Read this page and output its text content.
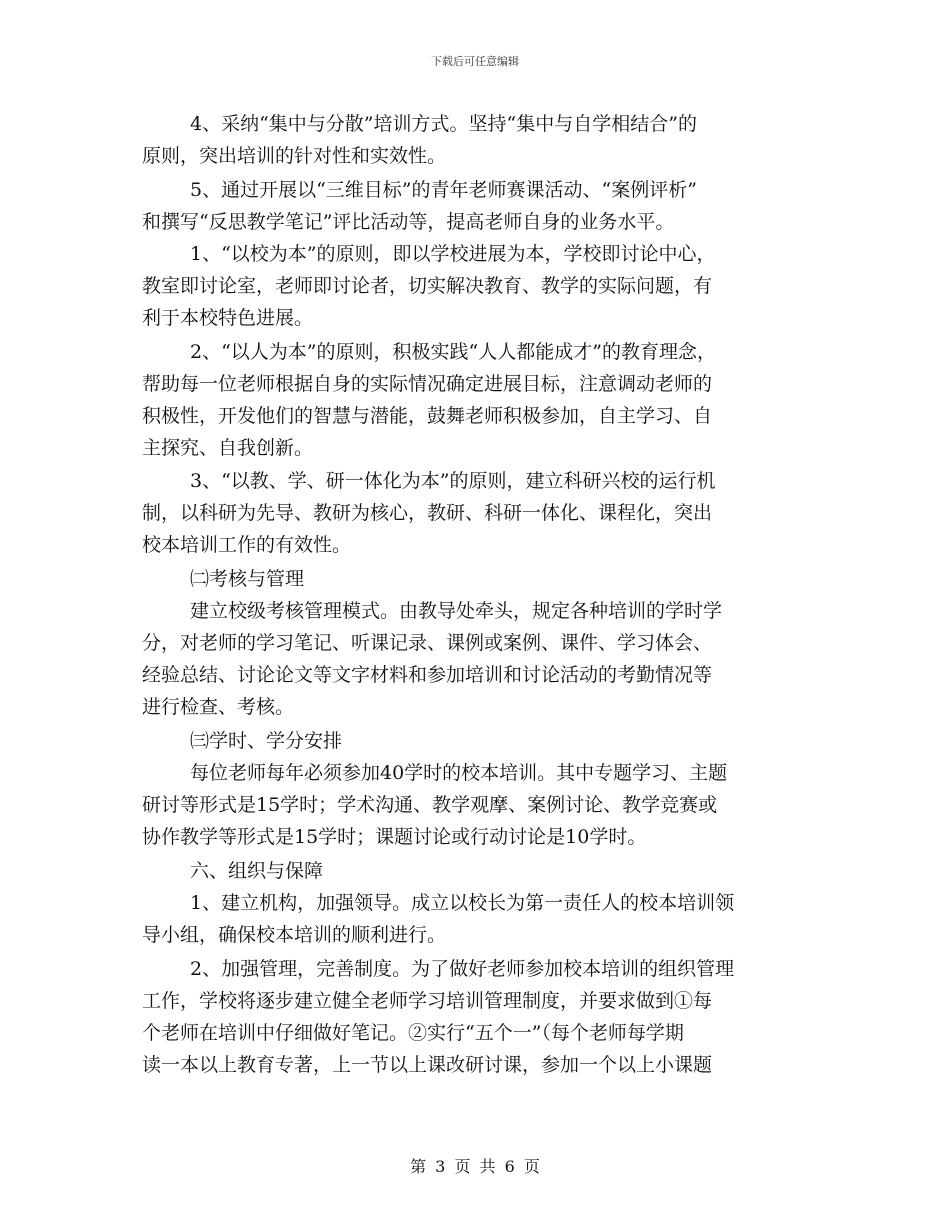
下载后可任意编辑
4、采纳“集中与分散”培训方式。坚持“集中与自学相结合”的
原则，突出培训的针对性和实效性。
5、通过开展以“三维目标”的青年老师赛课活动、“案例评析”
和撰写“反思教学笔记”评比活动等，提高老师自身的业务水平。
1、“以校为本”的原则，即以学校进展为本，学校即讨论中心，
教室即讨论室，老师即讨论者，切实解决教育、教学的实际问题，有
利于本校特色进展。
2、“以人为本”的原则，积极实践“人人都能成才”的教育理念，
帮助每一位老师根据自身的实际情况确定进展目标，注意调动老师的
积极性，开发他们的智慧与潜能，鼓舞老师积极参加，自主学习、自
主探究、自我创新。
3、“以教、学、研一体化为本”的原则，建立科研兴校的运行机
制，以科研为先导、教研为核心，教研、科研一体化、课程化，突出
校本培训工作的有效性。
㈡考核与管理
建立校级考核管理模式。由教导处牵头，规定各种培训的学时学
分，对老师的学习笔记、听课记录、课例或案例、课件、学习体会、
经验总结、讨论论文等文字材料和参加培训和讨论活动的考勤情况等
进行检查、考核。
㈢学时、学分安排
每位老师每年必须参加40学时的校本培训。其中专题学习、主题
研讨等形式是15学时；学术沟通、教学观摩、案例讨论、教学竞赛或
协作教学等形式是15学时；课题讨论或行动讨论是10学时。
六、组织与保障
1、建立机构，加强领导。成立以校长为第一责任人的校本培训领
导小组，确保校本培训的顺利进行。
2、加强管理，完善制度。为了做好老师参加校本培训的组织管理
工作，学校将逐步建立健全老师学习培训管理制度，并要求做到①每
个老师在培训中仔细做好笔记。②实行“五个一”（每个老师每学期
读一本以上教育专著，上一节以上课改研讨课，参加一个以上小课题
第 3 页 共 6 页
